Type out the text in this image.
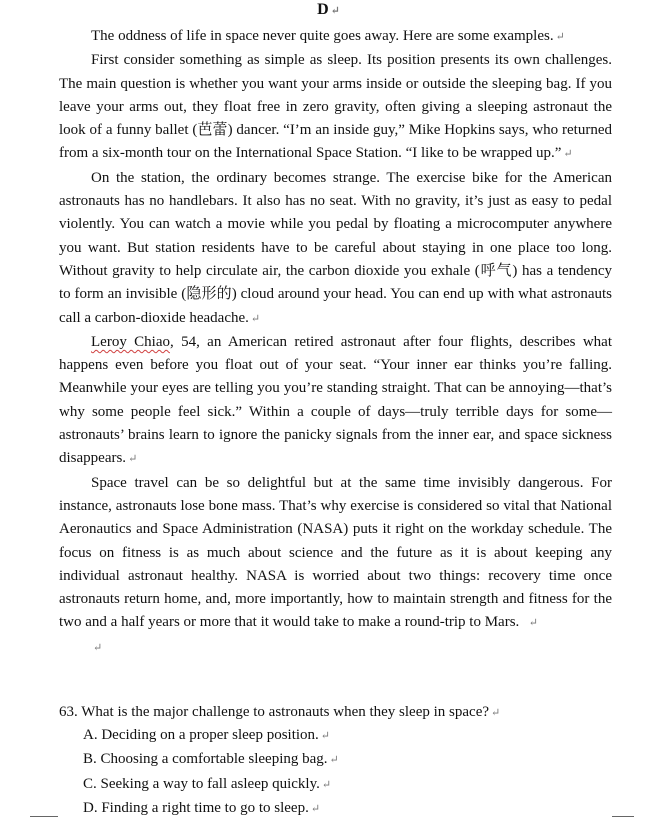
D ↵

The oddness of life in space never quite goes away. Here are some examples. ↵

First consider something as simple as sleep. Its position presents its own challenges. The main question is whether you want your arms inside or outside the sleeping bag. If you leave your arms out, they float free in zero gravity, often giving a sleeping astronaut the look of a funny ballet (芭蕾) dancer. “I’m an inside guy,” Mike Hopkins says, who returned from a six-month tour on the International Space Station. “I like to be wrapped up.” ↵

On the station, the ordinary becomes strange. The exercise bike for the American astronauts has no handlebars. It also has no seat. With no gravity, it’s just as easy to pedal violently. You can watch a movie while you pedal by floating a microcomputer anywhere you want. But station residents have to be careful about staying in one place too long. Without gravity to help circulate air, the carbon dioxide you exhale (呼气) has a tendency to form an invisible (隐形的) cloud around your head. You can end up with what astronauts call a carbon-dioxide headache. ↵

Leroy Chiao, 54, an American retired astronaut after four flights, describes what happens even before you float out of your seat. “Your inner ear thinks you’re falling. Meanwhile your eyes are telling you you’re standing straight. That can be annoying—that’s why some people feel sick.” Within a couple of days—truly terrible days for some—astronauts’ brains learn to ignore the panicky signals from the inner ear, and space sickness disappears. ↵

Space travel can be so delightful but at the same time invisibly dangerous. For instance, astronauts lose bone mass. That’s why exercise is considered so vital that National Aeronautics and Space Administration (NASA) puts it right on the workday schedule. The focus on fitness is as much about science and the future as it is about keeping any individual astronaut healthy. NASA is worried about two things: recovery time once astronauts return home, and, more importantly, how to maintain strength and fitness for the two and a half years or more that it would take to make a round-trip to Mars. ↵

↵

63. What is the major challenge to astronauts when they sleep in space? ↵
A. Deciding on a proper sleep position. ↵
B. Choosing a comfortable sleeping bag. ↵
C. Seeking a way to fall asleep quickly. ↵
D. Finding a right time to go to sleep. ↵
